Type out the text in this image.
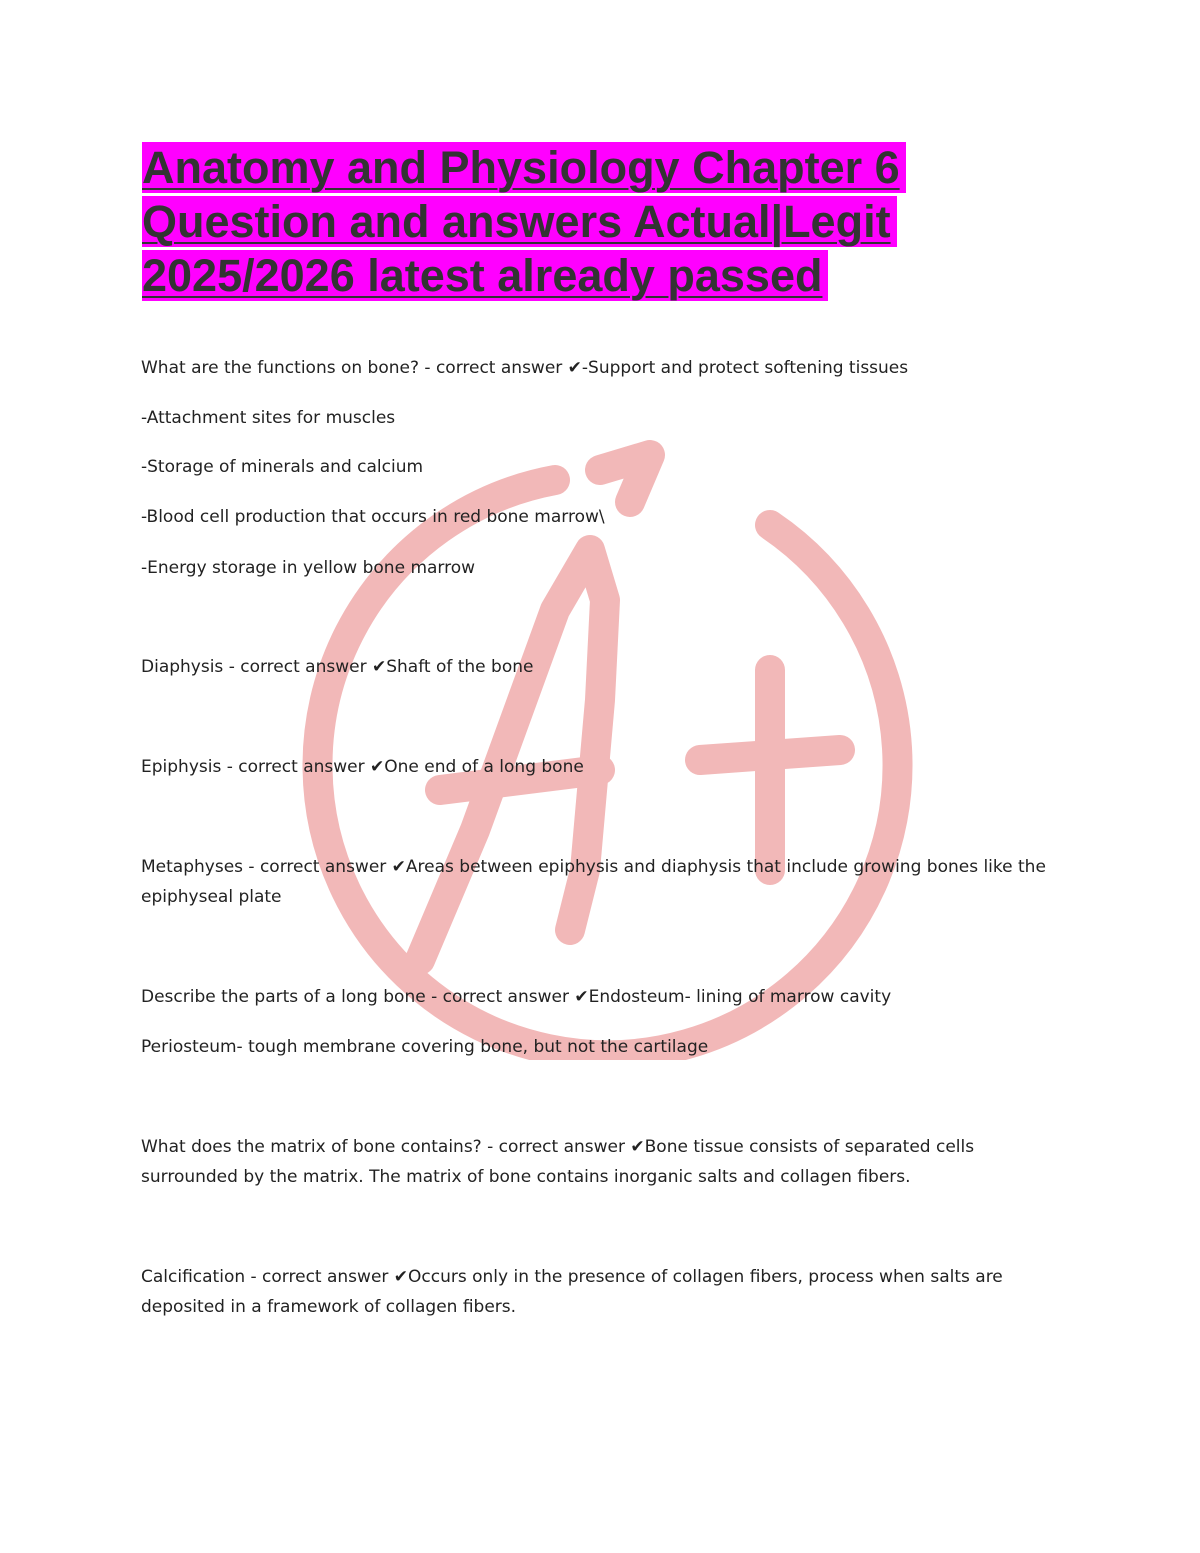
Anatomy and Physiology Chapter 6 Question and answers Actual|Legit 2025/2026 latest already passed

What are the functions on bone? - correct answer ✔-Support and protect softening tissues

-Attachment sites for muscles

-Storage of minerals and calcium

-Blood cell production that occurs in red bone marrow\

-Energy storage in yellow bone marrow

Diaphysis - correct answer ✔Shaft of the bone

Epiphysis - correct answer ✔One end of a long bone

Metaphyses - correct answer ✔Areas between epiphysis and diaphysis that include growing bones like the epiphyseal plate

Describe the parts of a long bone - correct answer ✔Endosteum- lining of marrow cavity

Periosteum- tough membrane covering bone, but not the cartilage

What does the matrix of bone contains? - correct answer ✔Bone tissue consists of separated cells surrounded by the matrix. The matrix of bone contains inorganic salts and collagen fibers.

Calcification - correct answer ✔Occurs only in the presence of collagen fibers, process when salts are deposited in a framework of collagen fibers.
